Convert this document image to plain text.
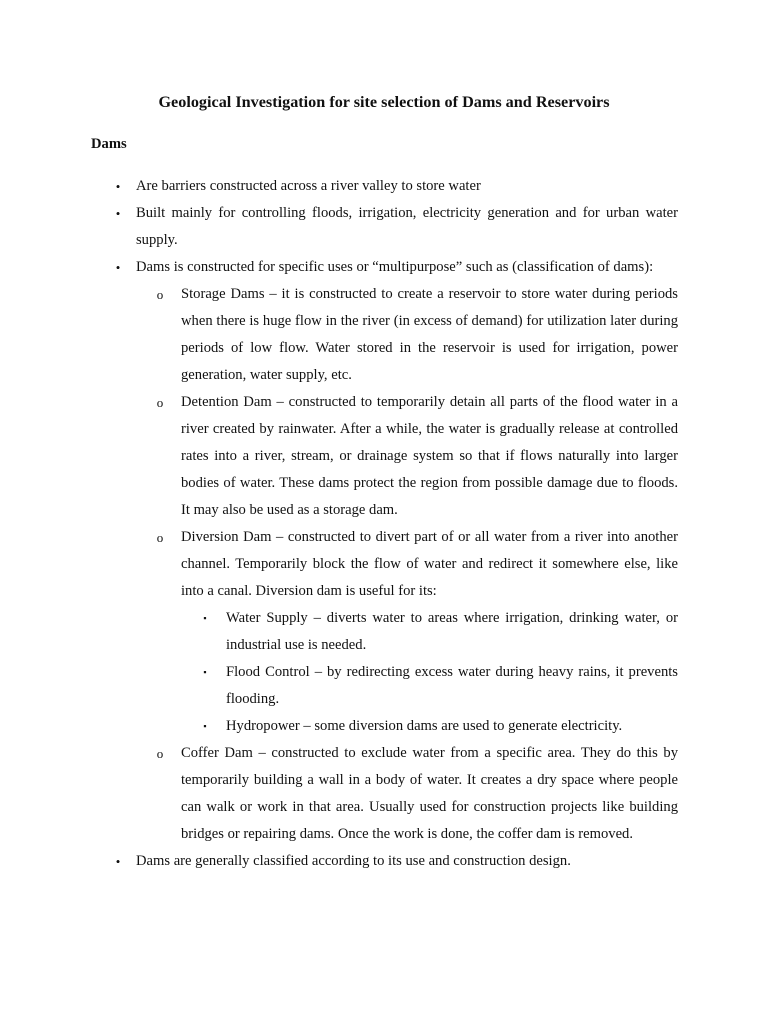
Geological Investigation for site selection of Dams and Reservoirs
Dams
•	Are barriers constructed across a river valley to store water
•	Built mainly for controlling floods, irrigation, electricity generation and for urban water supply.
•	Dams is constructed for specific uses or “multipurpose” such as (classification of dams):
o	Storage Dams – it is constructed to create a reservoir to store water during periods when there is huge flow in the river (in excess of demand) for utilization later during periods of low flow. Water stored in the reservoir is used for irrigation, power generation, water supply, etc.
o	Detention Dam – constructed to temporarily detain all parts of the flood water in a river created by rainwater. After a while, the water is gradually release at controlled rates into a river, stream, or drainage system so that if flows naturally into larger bodies of water. These dams protect the region from possible damage due to floods. It may also be used as a storage dam.
o	Diversion Dam – constructed to divert part of or all water from a river into another channel. Temporarily block the flow of water and redirect it somewhere else, like into a canal. Diversion dam is useful for its:
▪	Water Supply – diverts water to areas where irrigation, drinking water, or industrial use is needed.
▪	Flood Control – by redirecting excess water during heavy rains, it prevents flooding.
▪	Hydropower – some diversion dams are used to generate electricity.
o	Coffer Dam – constructed to exclude water from a specific area. They do this by temporarily building a wall in a body of water. It creates a dry space where people can walk or work in that area. Usually used for construction projects like building bridges or repairing dams. Once the work is done, the coffer dam is removed.
•	Dams are generally classified according to its use and construction design.
